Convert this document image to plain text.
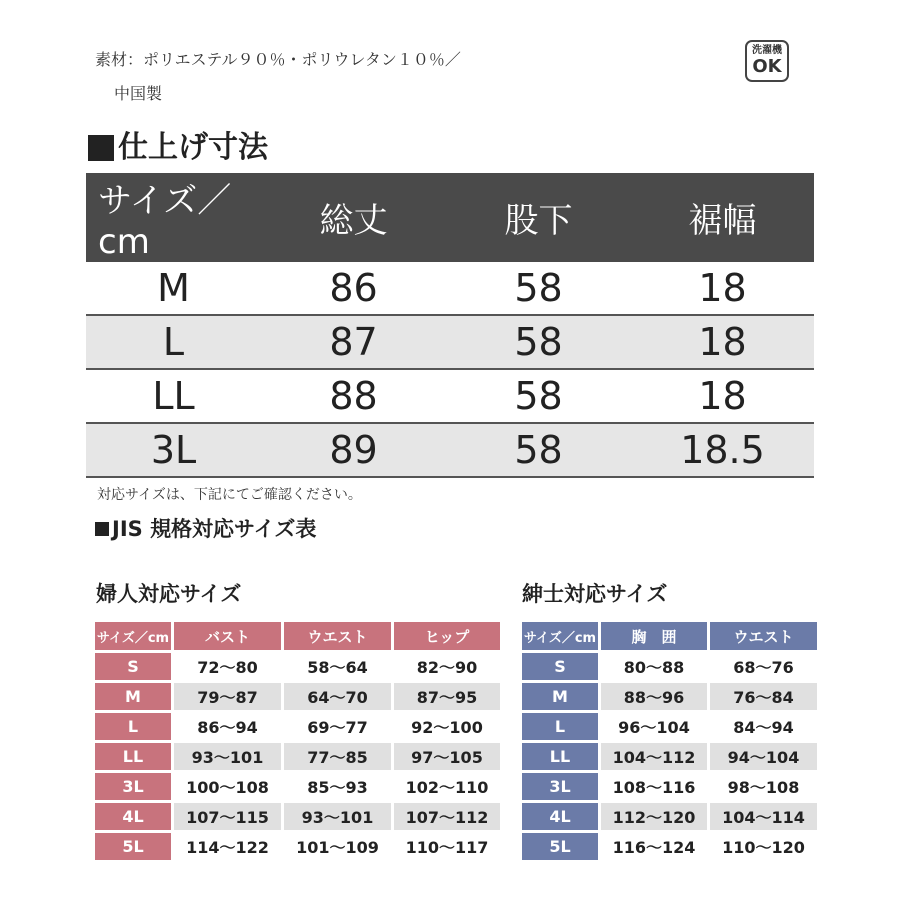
素材：ポリエステル９０％・ポリウレタン１０％／
中国製
洗濯機
OK
仕上げ寸法
サイズ／cm	総丈	股下	裾幅
M	86	58	18
L	87	58	18
LL	88	58	18
3L	89	58	18.5
対応サイズは、下記にてご確認ください。
JIS 規格対応サイズ表
婦人対応サイズ	紳士対応サイズ
サイズ／cm	バスト	ウエスト	ヒップ
S	72～80	58～64	82～90
M	79～87	64～70	87～95
L	86～94	69～77	92～100
LL	93～101	77～85	97～105
3L	100～108	85～93	102～110
4L	107～115	93～101	107～112
5L	114～122	101～109	110～117
サイズ／cm	胸　囲	ウエスト
S	80～88	68～76
M	88～96	76～84
L	96～104	84～94
LL	104～112	94～104
3L	108～116	98～108
4L	112～120	104～114
5L	116～124	110～120
